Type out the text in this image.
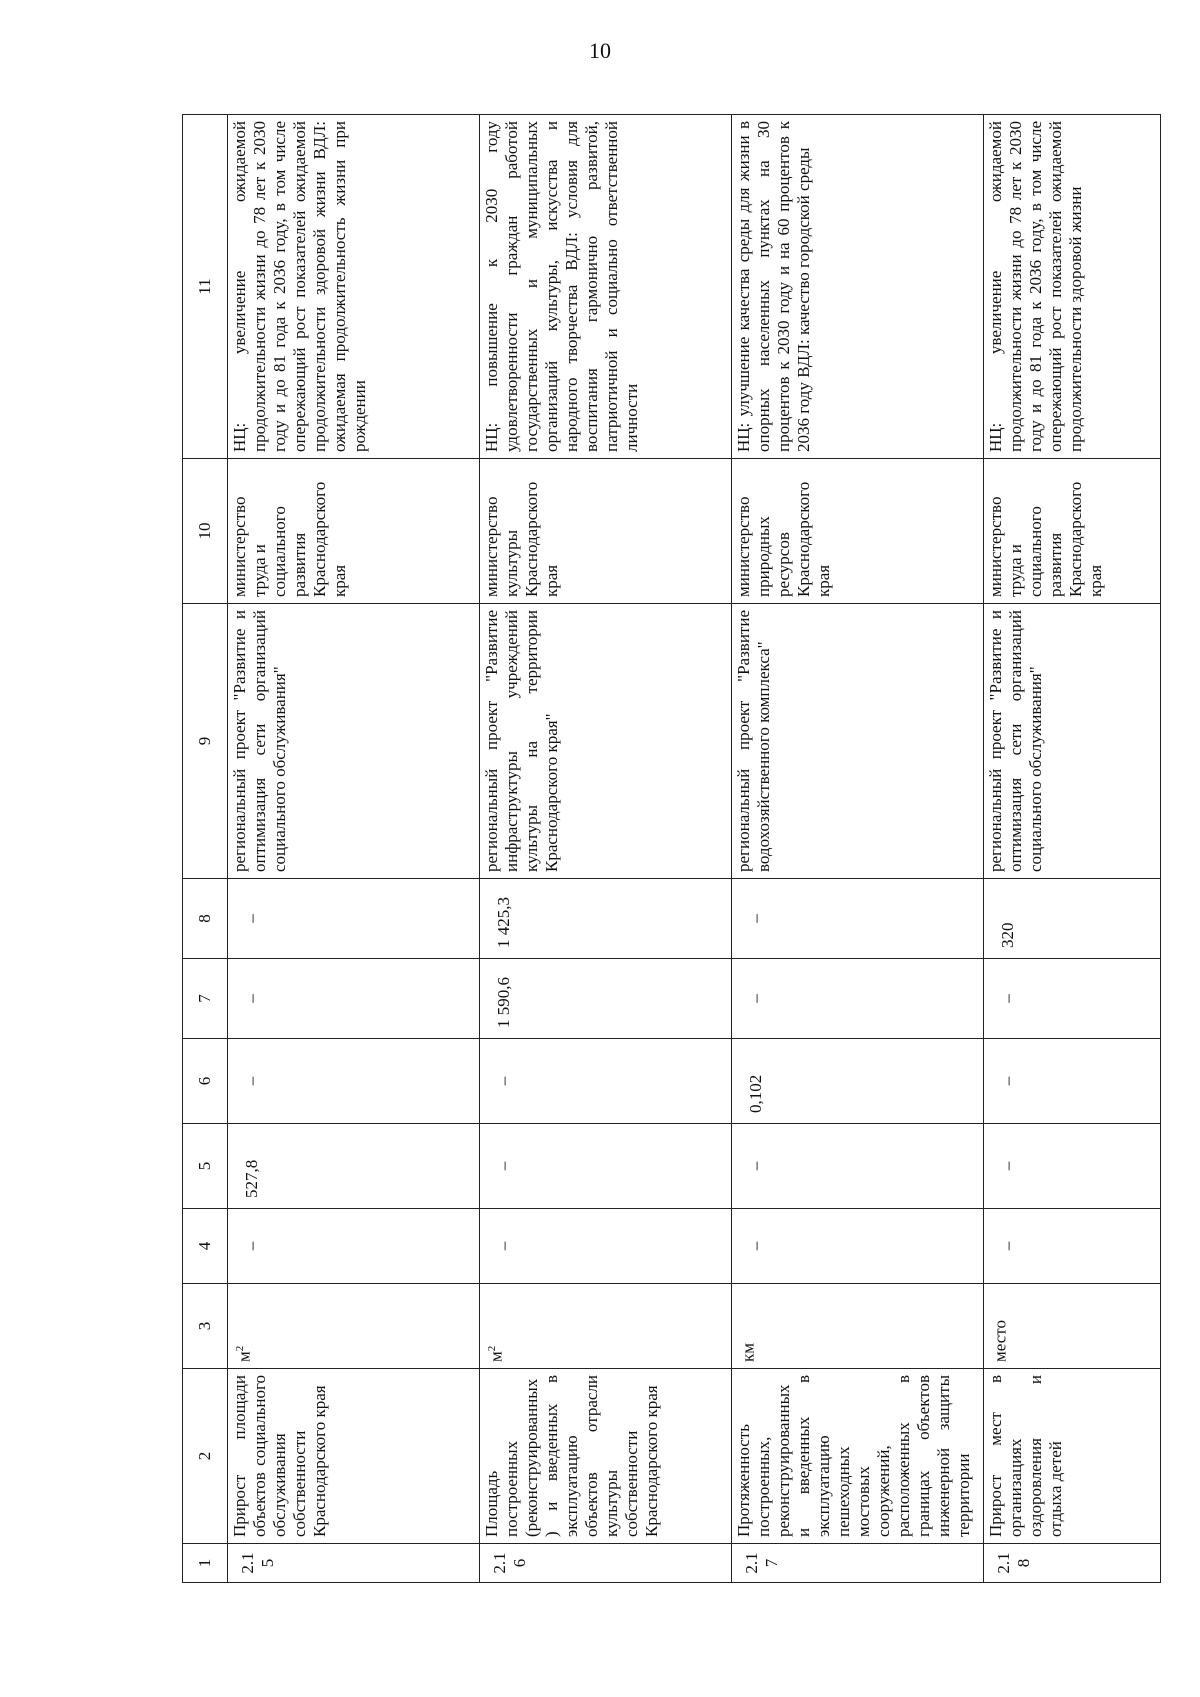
10
1	2	3	4	5	6	7	8	9	10	11
2.15	Прирост площади объектов социального обслуживания собственности Краснодарского края	$м^2$	–	527,8	–	–	–	региональный проект "Развитие и оптимизация сети организаций социального обслуживания"	министерство труда и социального развития Краснодарского края	НЦ: увеличение ожидаемой продолжительности жизни до 78 лет к 2030 году и до 81 года к 2036 году, в том числе опережающий рост показателей ожидаемой продолжительности здоровой жизни ВДЛ: ожидаемая продолжительность жизни при рождении
2.16	Площадь построенных (реконструированных) и введенных в эксплуатацию объектов отрасли культуры собственности Краснодарского края	$м^2$	–	–	–	1 590,6	1 425,3	региональный проект "Развитие инфраструктуры учреждений культуры на территории Краснодарского края"	министерство культуры Краснодарского края	НЦ: повышение к 2030 году удовлетворенности граждан работой государственных и муниципальных организаций культуры, искусства и народного творчества ВДЛ: условия для воспитания гармонично развитой, патриотичной и социально ответственной личности
2.17	Протяженность построенных, реконструированных и введенных в эксплуатацию пешеходных мостовых сооружений, расположенных в границах объектов инженерной защиты территории	км	–	–	0,102	–	–	региональный проект "Развитие водохозяйственного комплекса"	министерство природных ресурсов Краснодарского края	НЦ: улучшение качества среды для жизни в опорных населенных пунктах на 30 процентов к 2030 году и на 60 процентов к 2036 году ВДЛ: качество городской среды
2.18	Прирост мест в организациях оздоровления и отдыха детей	место	–	–	–	–	320	региональный проект "Развитие и оптимизация сети организаций социального обслуживания"	министерство труда и социального развития Краснодарского края	НЦ: увеличение ожидаемой продолжительности жизни до 78 лет к 2030 году и до 81 года к 2036 году, в том числе опережающий рост показателей ожидаемой продолжительности здоровой жизни
